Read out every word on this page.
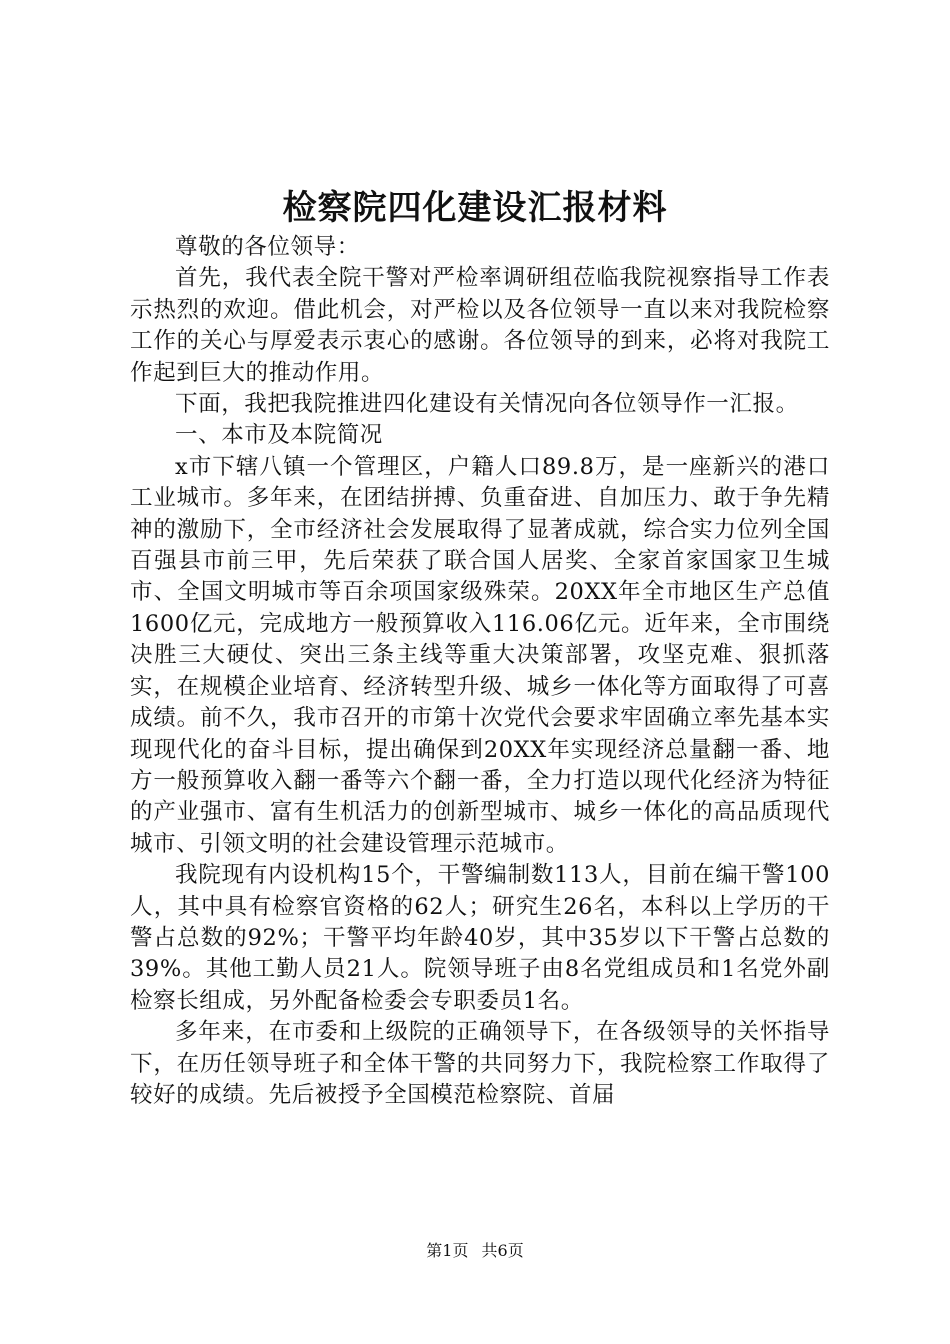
检察院四化建设汇报材料

尊敬的各位领导：

首先，我代表全院干警对严检率调研组莅临我院视察指导工作表示热烈的欢迎。借此机会，对严检以及各位领导一直以来对我院检察工作的关心与厚爱表示衷心的感谢。各位领导的到来，必将对我院工作起到巨大的推动作用。

下面，我把我院推进四化建设有关情况向各位领导作一汇报。

一、本市及本院简况

x市下辖八镇一个管理区，户籍人口89.8万，是一座新兴的港口工业城市。多年来，在团结拼搏、负重奋进、自加压力、敢于争先精神的激励下，全市经济社会发展取得了显著成就，综合实力位列全国百强县市前三甲，先后荣获了联合国人居奖、全家首家国家卫生城市、全国文明城市等百余项国家级殊荣。20XX年全市地区生产总值1600亿元，完成地方一般预算收入116.06亿元。近年来，全市围绕决胜三大硬仗、突出三条主线等重大决策部署，攻坚克难、狠抓落实，在规模企业培育、经济转型升级、城乡一体化等方面取得了可喜成绩。前不久，我市召开的市第十次党代会要求牢固确立率先基本实现现代化的奋斗目标，提出确保到20XX年实现经济总量翻一番、地方一般预算收入翻一番等六个翻一番，全力打造以现代化经济为特征的产业强市、富有生机活力的创新型城市、城乡一体化的高品质现代城市、引领文明的社会建设管理示范城市。

我院现有内设机构15个，干警编制数113人，目前在编干警100人，其中具有检察官资格的62人；研究生26名，本科以上学历的干警占总数的92%；干警平均年龄40岁，其中35岁以下干警占总数的39%。其他工勤人员21人。院领导班子由8名党组成员和1名党外副检察长组成，另外配备检委会专职委员1名。

多年来，在市委和上级院的正确领导下，在各级领导的关怀指导下，在历任领导班子和全体干警的共同努力下，我院检察工作取得了较好的成绩。先后被授予全国模范检察院、首届

第1页 共6页
